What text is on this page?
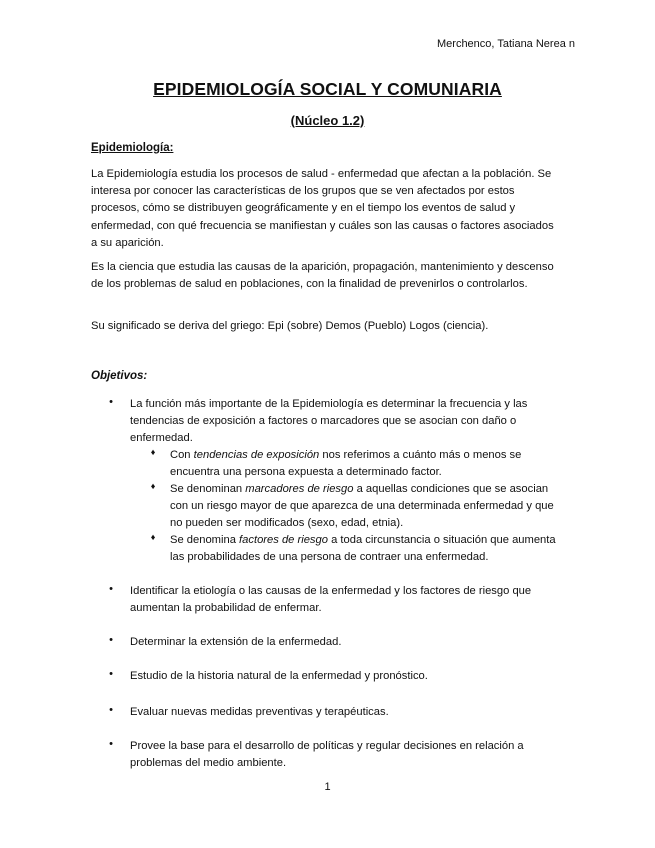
Merchenco, Tatiana Nerea n
EPIDEMIOLOGÍA SOCIAL Y COMUNIARIA
(Núcleo 1.2)
Epidemiología:
La Epidemiología estudia los procesos de salud - enfermedad que afectan a la población. Se interesa por conocer las características de los grupos que se ven afectados por estos procesos, cómo se distribuyen geográficamente y en el tiempo los eventos de salud y enfermedad, con qué frecuencia se manifiestan y cuáles son las causas o factores asociados a su aparición.
Es la ciencia que estudia las causas de la aparición, propagación, mantenimiento y descenso de los problemas de salud en poblaciones, con la finalidad de prevenirlos o controlarlos.
Su significado se deriva del griego: Epi (sobre) Demos (Pueblo) Logos (ciencia).
Objetivos:
• La función más importante de la Epidemiología es determinar la frecuencia y las tendencias de exposición a factores o marcadores que se asocian con daño o enfermedad.
♦ Con tendencias de exposición nos referimos a cuánto más o menos se encuentra una persona expuesta a determinado factor.
♦ Se denominan marcadores de riesgo a aquellas condiciones que se asocian con un riesgo mayor de que aparezca de una determinada enfermedad y que no pueden ser modificados (sexo, edad, etnia).
♦ Se denomina factores de riesgo a toda circunstancia o situación que aumenta las probabilidades de una persona de contraer una enfermedad.
• Identificar la etiología o las causas de la enfermedad y los factores de riesgo que aumentan la probabilidad de enfermar.
• Determinar la extensión de la enfermedad.
• Estudio de la historia natural de la enfermedad y pronóstico.
• Evaluar nuevas medidas preventivas y terapéuticas.
• Provee la base para el desarrollo de políticas y regular decisiones en relación a problemas del medio ambiente.
1
